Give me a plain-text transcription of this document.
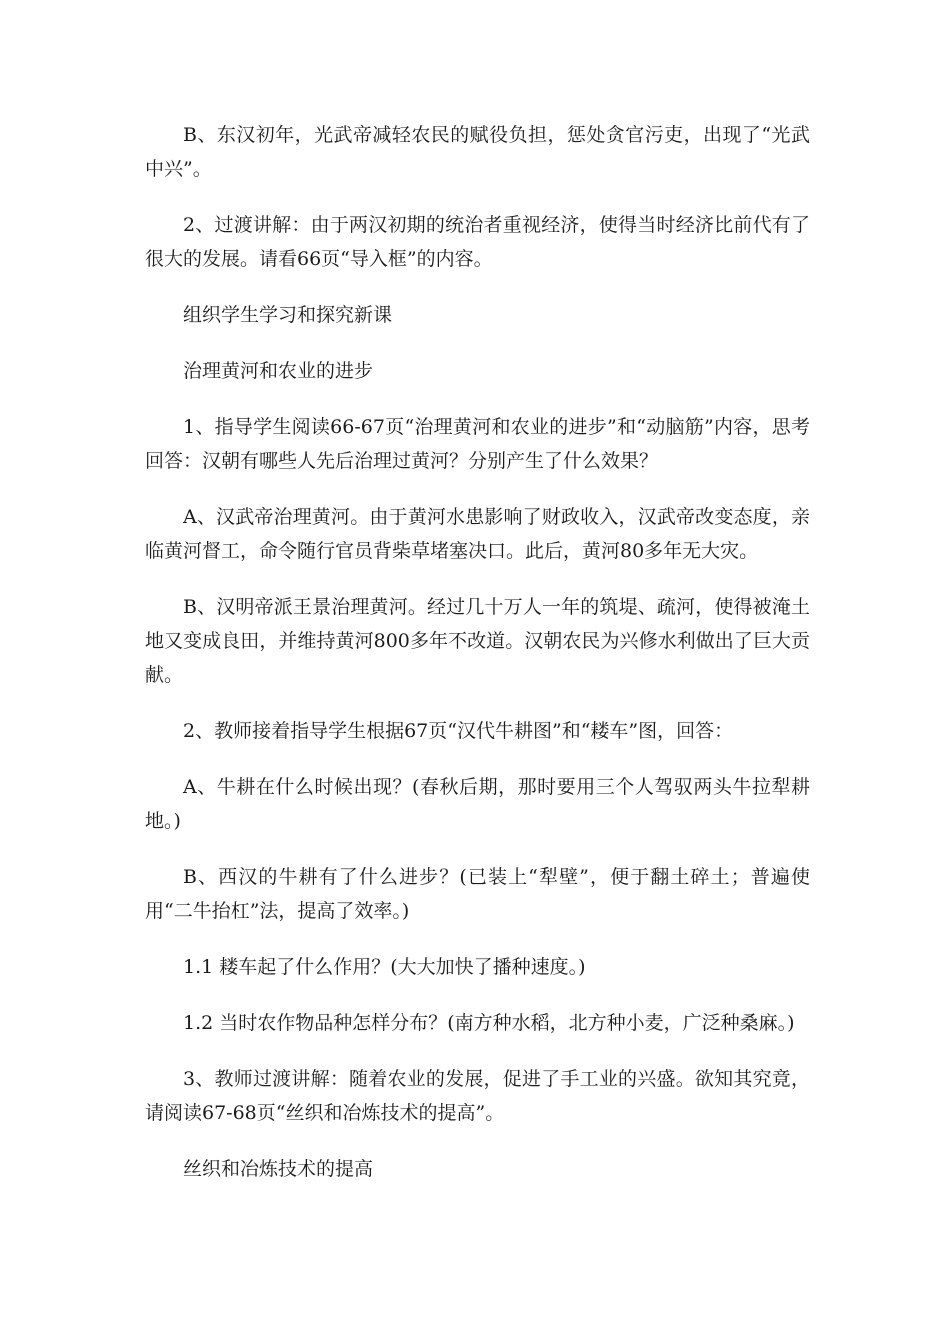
B、东汉初年，光武帝减轻农民的赋役负担，惩处贪官污吏，出现了“光武中兴”。

2、过渡讲解：由于两汉初期的统治者重视经济，使得当时经济比前代有了很大的发展。请看66页“导入框”的内容。

组织学生学习和探究新课

治理黄河和农业的进步

1、指导学生阅读66-67页“治理黄河和农业的进步”和“动脑筋”内容，思考回答：汉朝有哪些人先后治理过黄河？分别产生了什么效果？

A、汉武帝治理黄河。由于黄河水患影响了财政收入，汉武帝改变态度，亲临黄河督工，命令随行官员背柴草堵塞决口。此后，黄河80多年无大灾。

B、汉明帝派王景治理黄河。经过几十万人一年的筑堤、疏河，使得被淹土地又变成良田，并维持黄河800多年不改道。汉朝农民为兴修水利做出了巨大贡献。

2、教师接着指导学生根据67页“汉代牛耕图”和“耧车”图，回答：

A、牛耕在什么时候出现？(春秋后期，那时要用三个人驾驭两头牛拉犁耕地。)

B、西汉的牛耕有了什么进步？(已装上“犁壁”，便于翻土碎土；普遍使用“二牛抬杠”法，提高了效率。)

1.1 耧车起了什么作用？(大大加快了播种速度。)

1.2 当时农作物品种怎样分布？(南方种水稻，北方种小麦，广泛种桑麻。)

3、教师过渡讲解：随着农业的发展，促进了手工业的兴盛。欲知其究竟，请阅读67-68页“丝织和冶炼技术的提高”。

丝织和冶炼技术的提高
